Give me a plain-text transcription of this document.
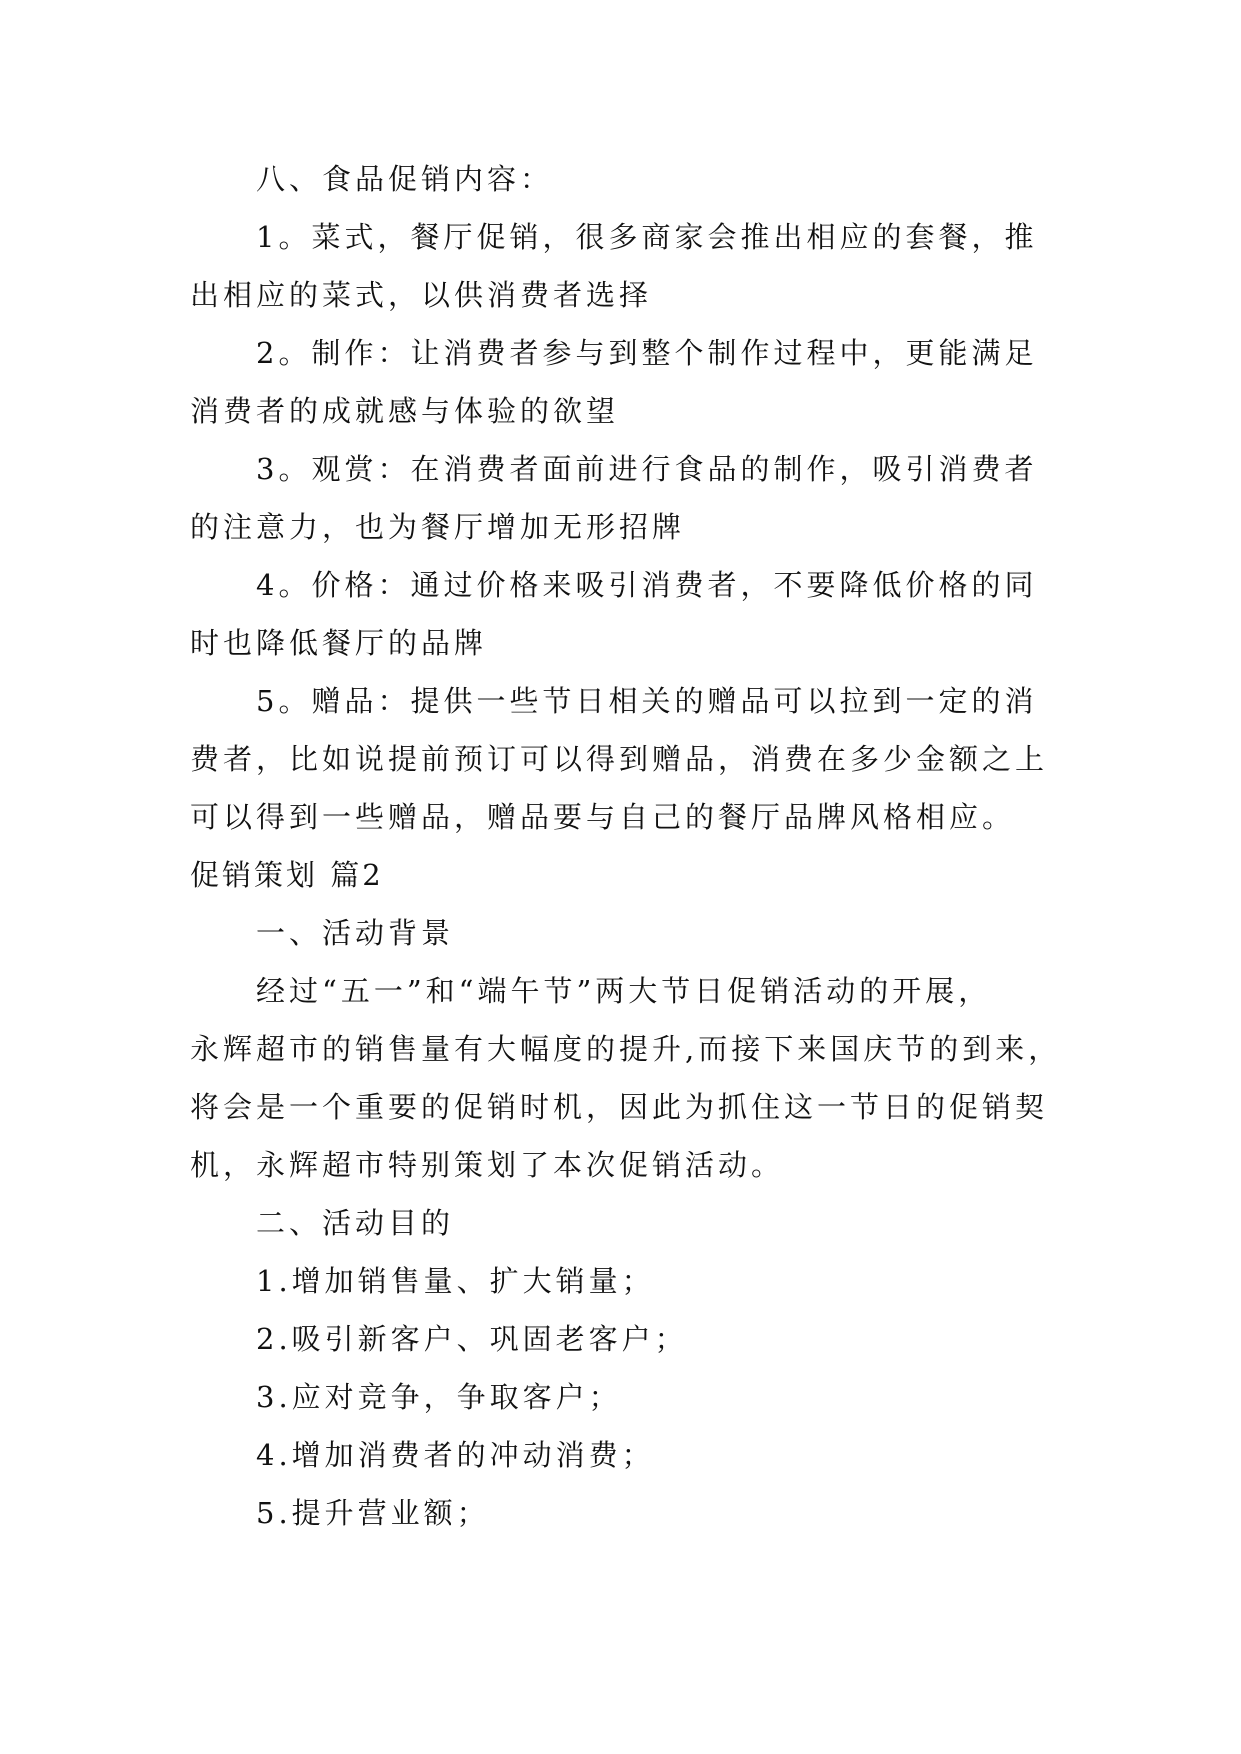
八、食品促销内容：
1。菜式，餐厅促销，很多商家会推出相应的套餐，推
出相应的菜式，以供消费者选择
2。制作：让消费者参与到整个制作过程中，更能满足
消费者的成就感与体验的欲望
3。观赏：在消费者面前进行食品的制作，吸引消费者
的注意力，也为餐厅增加无形招牌
4。价格：通过价格来吸引消费者，不要降低价格的同
时也降低餐厅的品牌
5。赠品：提供一些节日相关的赠品可以拉到一定的消
费者，比如说提前预订可以得到赠品，消费在多少金额之上
可以得到一些赠品，赠品要与自己的餐厅品牌风格相应。
促销策划 篇2
一、活动背景
经过“五一”和“端午节”两大节日促销活动的开展，
永辉超市的销售量有大幅度的提升,而接下来国庆节的到来，
将会是一个重要的促销时机，因此为抓住这一节日的促销契
机，永辉超市特别策划了本次促销活动。
二、活动目的
1.增加销售量、扩大销量；
2.吸引新客户、巩固老客户；
3.应对竞争，争取客户；
4.增加消费者的冲动消费；
5.提升营业额；
